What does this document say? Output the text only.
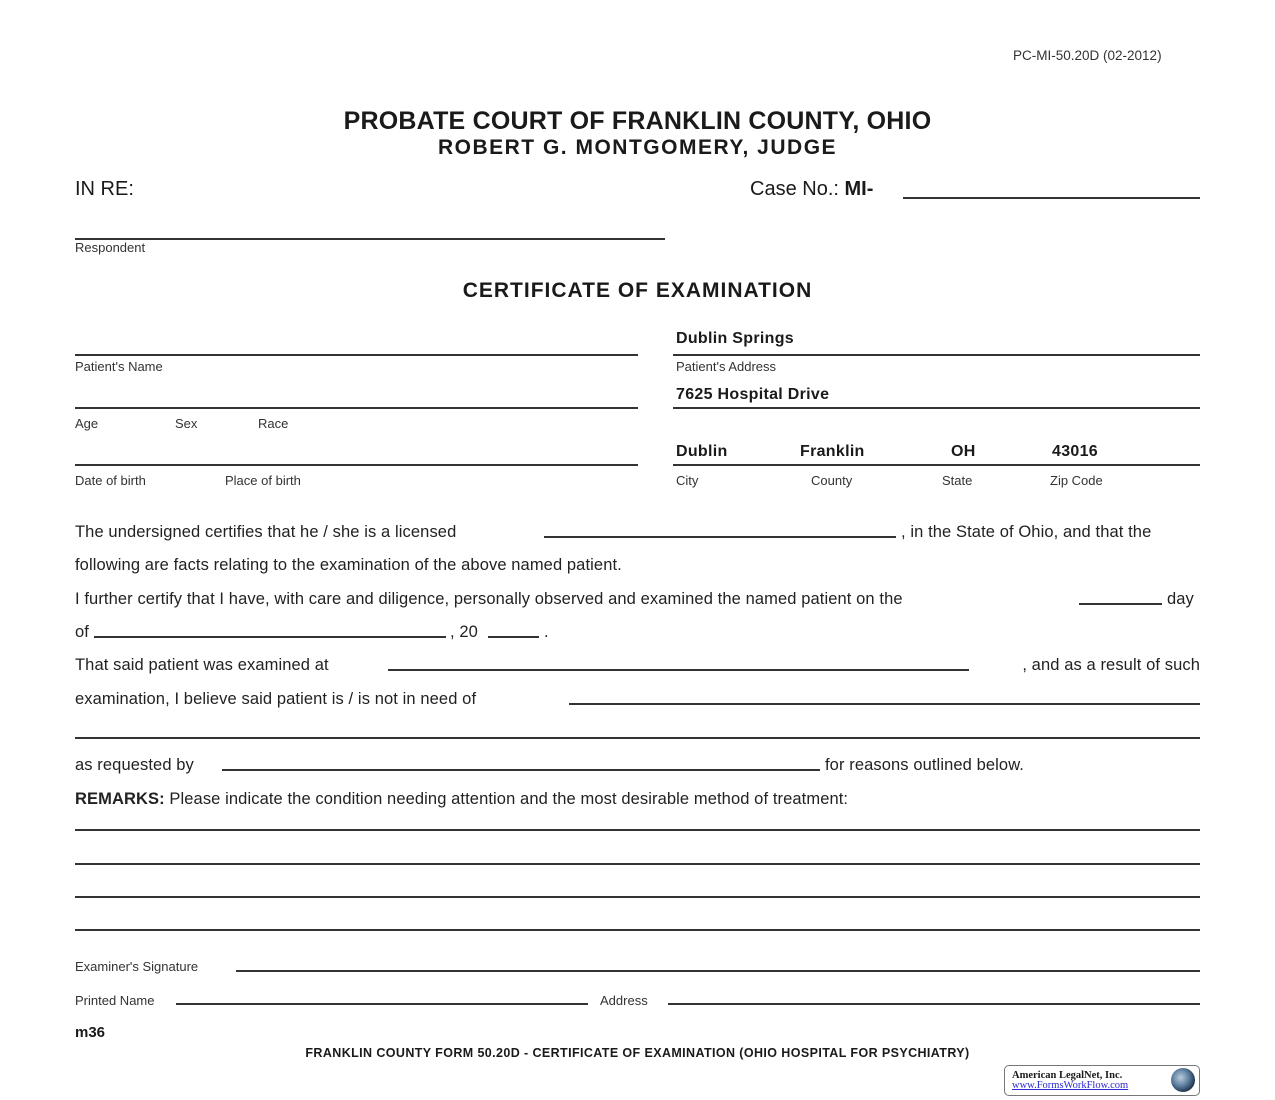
PC-MI-50.20D (02-2012)
PROBATE COURT OF FRANKLIN COUNTY, OHIO
ROBERT G. MONTGOMERY, JUDGE
IN RE:	Case No.: MI-
Respondent
CERTIFICATE OF EXAMINATION
Patient's Name
Age	Sex	Race
Date of birth	Place of birth
Dublin Springs
Patient's Address
7625 Hospital Drive
Dublin	Franklin	OH	43016
City	County	State	Zip Code
The undersigned certifies that he / she is a licensed	, in the State of Ohio, and that the
following are facts relating to the examination of the above named patient.
I further certify that I have, with care and diligence, personally observed and examined the named patient on the	day
of	, 20	.
That said patient was examined at	, and as a result of such
examination, I believe said patient is / is not in need of
as requested by	for reasons outlined below.
REMARKS: Please indicate the condition needing attention and the most desirable method of treatment:
Examiner's Signature
Printed Name	Address
m36
FRANKLIN COUNTY FORM 50.20D - CERTIFICATE OF EXAMINATION (OHIO HOSPITAL FOR PSYCHIATRY)
American LegalNet, Inc.
www.FormsWorkFlow.com
